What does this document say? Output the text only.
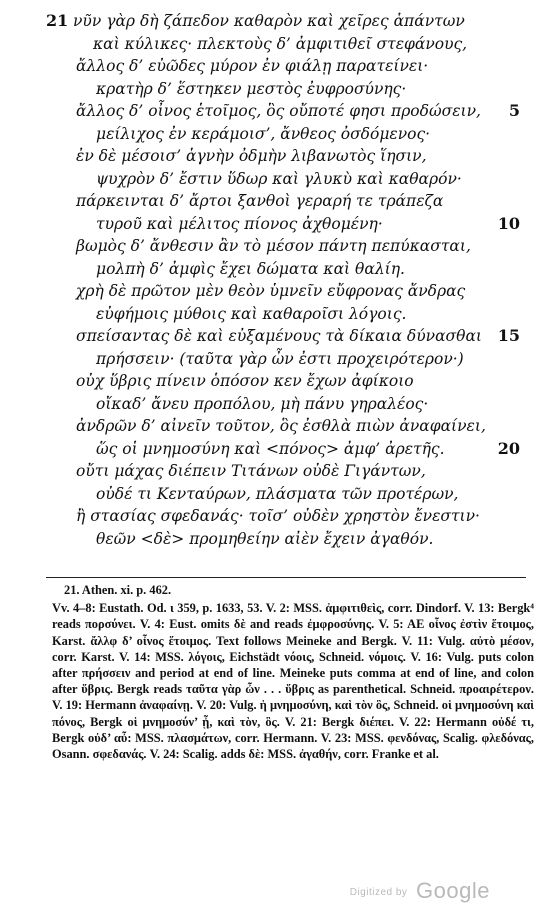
21 νῦν γὰρ δὴ ζάπεδον καθαρὸν καὶ χεῖρες ἁπάντων
καὶ κύλικες· πλεκτοὺς δ’ ἀμφιτιθεῖ στεφάνους,
ἄλλος δ’ εὐῶδες μύρον ἐν φιάλῃ παρατείνει·
κρατὴρ δ’ ἕστηκεν μεστὸς ἐυφροσύνης·
ἄλλος δ’ οἶνος ἑτοῖμος, ὃς οὔποτέ φησι προδώσειν, 5
μείλιχος ἐν κεράμοισ’, ἄνθεος ὀσδόμενος·
ἐν δὲ μέσοισ’ ἁγνὴν ὀδμὴν λιβανωτὸς ἵησιν,
ψυχρὸν δ’ ἔστιν ὕδωρ καὶ γλυκὺ καὶ καθαρόν·
πάρκεινται δ’ ἄρτοι ξανθοὶ γεραρή τε τράπεζα
τυροῦ καὶ μέλιτος πίονος ἀχθομένη·	10
βωμὸς δ’ ἄνθεσιν ἂν τὸ μέσον πάντη πεπύκασται,
μολπὴ δ’ ἀμφὶς ἔχει δώματα καὶ θαλίη.
χρὴ δὲ πρῶτον μὲν θεὸν ὑμνεῖν εὔφρονας ἄνδρας
εὐφήμοις μύθοις καὶ καθαροῖσι λόγοις.
σπείσαντας δὲ καὶ εὐξαμένους τὰ δίκαια δύνασθαι 15
πρήσσειν· (ταῦτα γὰρ ὦν ἐστι προχειρότερον·)
οὐχ ὕβρις πίνειν ὁπόσον κεν ἔχων ἀφίκοιο
οἴκαδ’ ἄνευ προπόλου, μὴ πάνυ γηραλέος·
ἀνδρῶν δ’ αἰνεῖν τοῦτον, ὃς ἐσθλὰ πιὼν ἀναφαίνει,
ὥς οἱ μνημοσύνη καὶ <πόνος> ἀμφ’ ἀρετῆς.	20
οὔτι μάχας διέπειν Τιτάνων οὐδὲ Γιγάντων,
οὐδέ τι Κενταύρων, πλάσματα τῶν προτέρων,
ἢ στασίας σφεδανάς· τοῖσ’ οὐδὲν χρηστὸν ἔνεστιν·
θεῶν <δὲ> προμηθείην αἰὲν ἔχειν ἀγαθόν.

21. Athen. xi. p. 462.

Vv. 4–8: Eustath. Od. ι 359, p. 1633, 53. V. 2: MSS. ἀμφιτιθεὶς, corr. Dindorf. V. 13: Bergk⁴ reads πορσύνει. V. 4: Eust. omits δὲ and reads ἐμφροσύνης. V. 5: AE οἶνος ἐστὶν ἕτοιμος, Karst. ἄλλφ δ’ οἶνος ἕτοιμος. Text follows Meineke and Bergk. V. 11: Vulg. αὐτὸ μέσον, corr. Karst. V. 14: MSS. λόγοις, Eichstädt νόοις, Schneid. νόμοις. V. 16: Vulg. puts colon after πρήσσειν and period at end of line. Meineke puts comma at end of line, and colon after ὕβρις. Bergk reads ταῦτα γὰρ ὦν . . . ὕβρις as parenthetical. Schneid. προαιρέτερον. V. 19: Hermann ἀναφαίνῃ. V. 20: Vulg. ἡ μνημοσύνη, καὶ τὸν ὃς, Schneid. οἱ μνημοσύνη καὶ πόνος, Bergk οἱ μνημοσύν’ ᾖ, καὶ τὸν, ὃς. V. 21: Bergk διέπει. V. 22: Hermann οὐδέ τι, Bergk οὐδ’ αὖ: MSS. πλασμάτων, corr. Hermann. V. 23: MSS. φενδόνας, Scalig. φλεδόνας, Osann. σφεδανάς. V. 24: Scalig. adds δὲ: MSS. ἀγαθήν, corr. Franke et al.

Digitized by Google
